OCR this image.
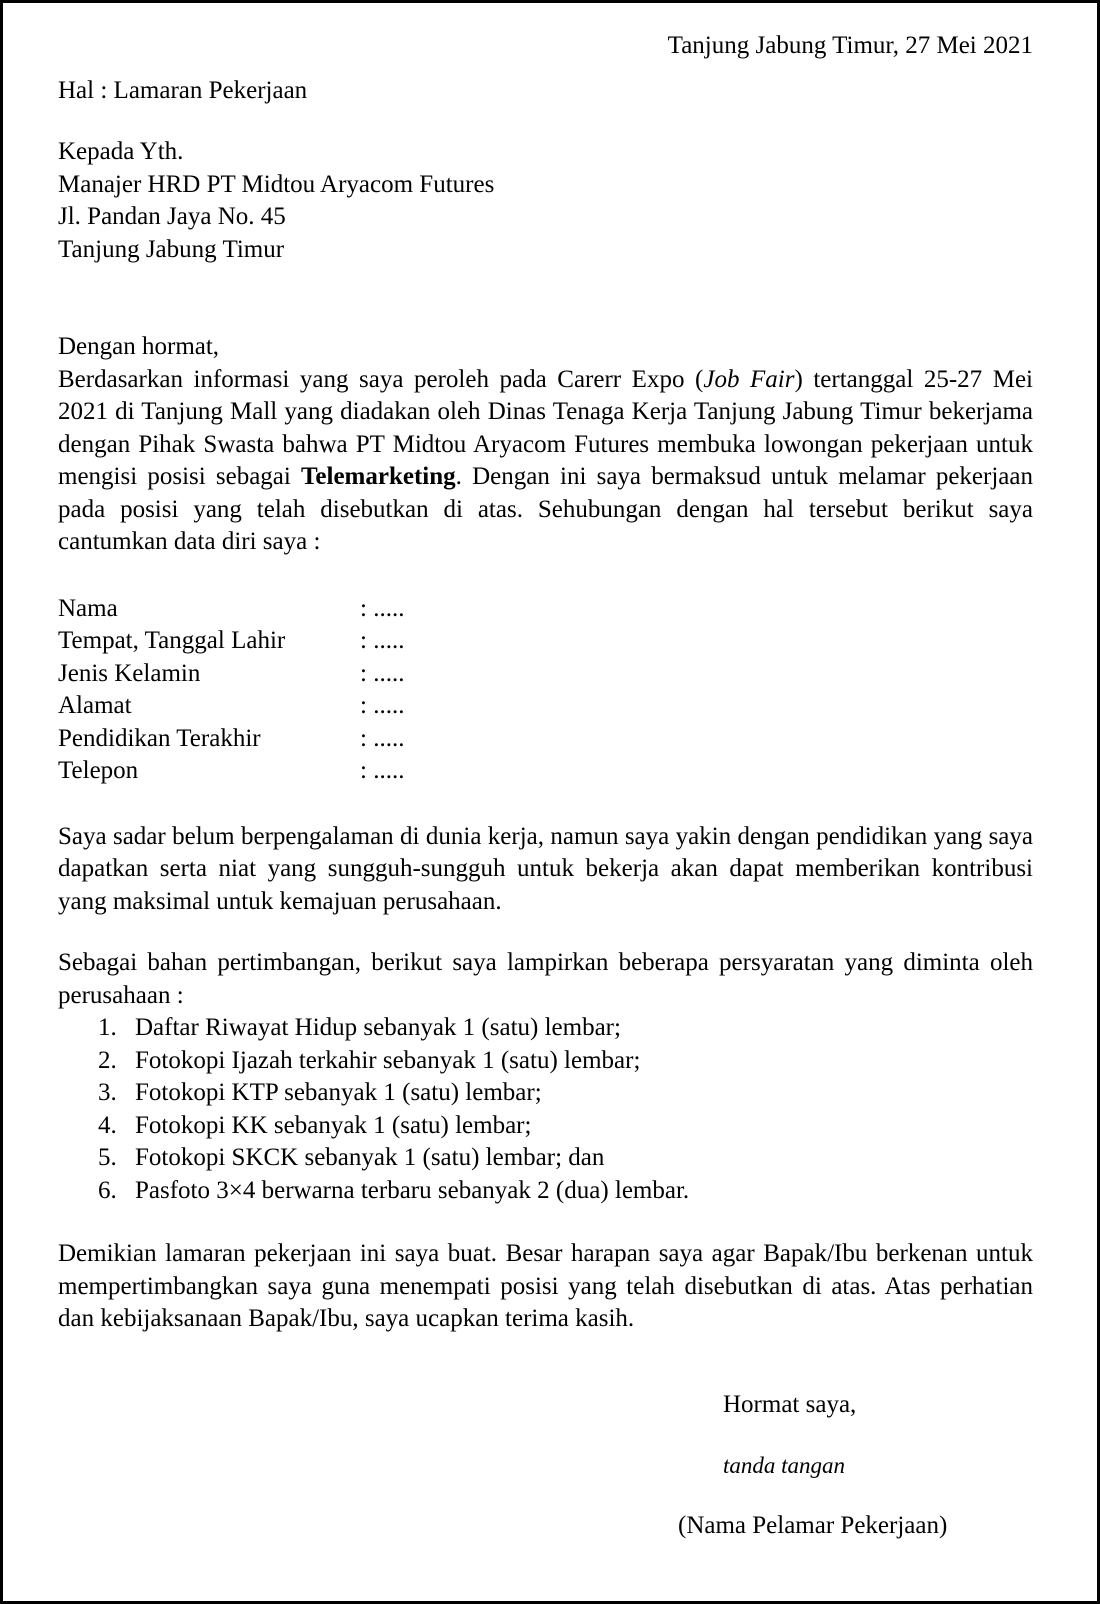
Tanjung Jabung Timur, 27 Mei 2021
Hal : Lamaran Pekerjaan
Kepada Yth.
Manajer HRD PT Midtou Aryacom Futures
Jl. Pandan Jaya No. 45
Tanjung Jabung Timur
Dengan hormat,

Berdasarkan informasi yang saya peroleh pada Carerr Expo (Job Fair) tertanggal 25-27 Mei 2021 di Tanjung Mall yang diadakan oleh Dinas Tenaga Kerja Tanjung Jabung Timur bekerjama dengan Pihak Swasta bahwa PT Midtou Aryacom Futures membuka lowongan pekerjaan untuk mengisi posisi sebagai Telemarketing. Dengan ini saya bermaksud untuk melamar pekerjaan pada posisi yang telah disebutkan di atas. Sehubungan dengan hal tersebut berikut saya cantumkan data diri saya :

Nama	: .....
Tempat, Tanggal Lahir	: .....
Jenis Kelamin	: .....
Alamat	: .....
Pendidikan Terakhir	: .....
Telepon	: .....

Saya sadar belum berpengalaman di dunia kerja, namun saya yakin dengan pendidikan yang saya dapatkan serta niat yang sungguh-sungguh untuk bekerja akan dapat memberikan kontribusi yang maksimal untuk kemajuan perusahaan.

Sebagai bahan pertimbangan, berikut saya lampirkan beberapa persyaratan yang diminta oleh perusahaan :

1. Daftar Riwayat Hidup sebanyak 1 (satu) lembar;
2. Fotokopi Ijazah terkahir sebanyak 1 (satu) lembar;
3. Fotokopi KTP sebanyak 1 (satu) lembar;
4. Fotokopi KK sebanyak 1 (satu) lembar;
5. Fotokopi SKCK sebanyak 1 (satu) lembar; dan
6. Pasfoto 3×4 berwarna terbaru sebanyak 2 (dua) lembar.

Demikian lamaran pekerjaan ini saya buat. Besar harapan saya agar Bapak/Ibu berkenan untuk mempertimbangkan saya guna menempati posisi yang telah disebutkan di atas. Atas perhatian dan kebijaksanaan Bapak/Ibu, saya ucapkan terima kasih.

Hormat saya,
tanda tangan
(Nama Pelamar Pekerjaan)
